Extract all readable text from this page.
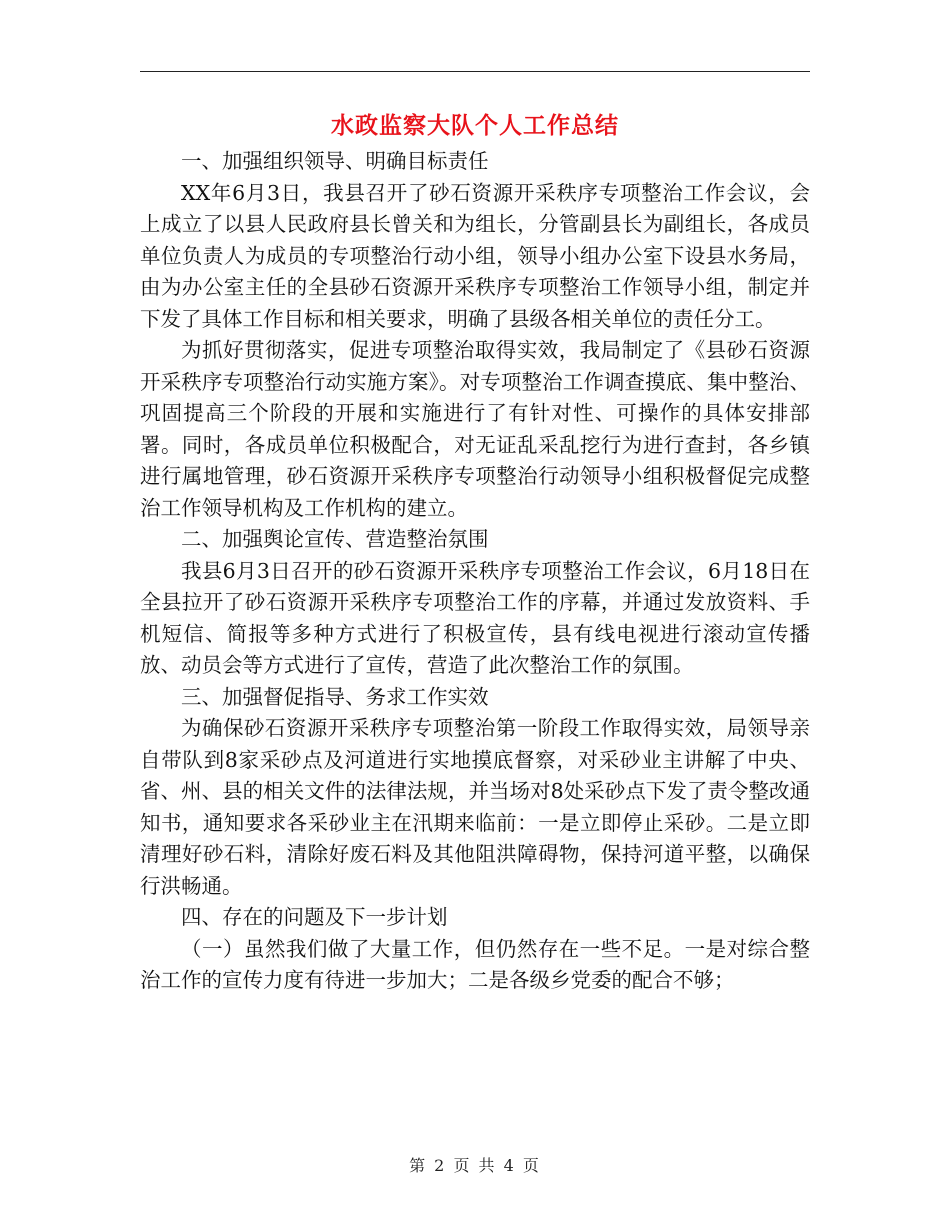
水政监察大队个人工作总结

一、加强组织领导、明确目标责任

XX年6月3日，我县召开了砂石资源开采秩序专项整治工作会议，会上成立了以县人民政府县长曾关和为组长，分管副县长为副组长，各成员单位负责人为成员的专项整治行动小组，领导小组办公室下设县水务局，由为办公室主任的全县砂石资源开采秩序专项整治工作领导小组，制定并下发了具体工作目标和相关要求，明确了县级各相关单位的责任分工。

为抓好贯彻落实，促进专项整治取得实效，我局制定了《县砂石资源开采秩序专项整治行动实施方案》。对专项整治工作调查摸底、集中整治、巩固提高三个阶段的开展和实施进行了有针对性、可操作的具体安排部署。同时，各成员单位积极配合，对无证乱采乱挖行为进行查封，各乡镇进行属地管理，砂石资源开采秩序专项整治行动领导小组积极督促完成整治工作领导机构及工作机构的建立。

二、加强舆论宣传、营造整治氛围

我县6月3日召开的砂石资源开采秩序专项整治工作会议，6月18日在全县拉开了砂石资源开采秩序专项整治工作的序幕，并通过发放资料、手机短信、简报等多种方式进行了积极宣传，县有线电视进行滚动宣传播放、动员会等方式进行了宣传，营造了此次整治工作的氛围。

三、加强督促指导、务求工作实效

为确保砂石资源开采秩序专项整治第一阶段工作取得实效，局领导亲自带队到8家采砂点及河道进行实地摸底督察，对采砂业主讲解了中央、省、州、县的相关文件的法律法规，并当场对8处采砂点下发了责令整改通知书，通知要求各采砂业主在汛期来临前：一是立即停止采砂。二是立即清理好砂石料，清除好废石料及其他阻洪障碍物，保持河道平整，以确保行洪畅通。

四、存在的问题及下一步计划

（一）虽然我们做了大量工作，但仍然存在一些不足。一是对综合整治工作的宣传力度有待进一步加大；二是各级乡党委的配合不够；

第 2 页 共 4 页
